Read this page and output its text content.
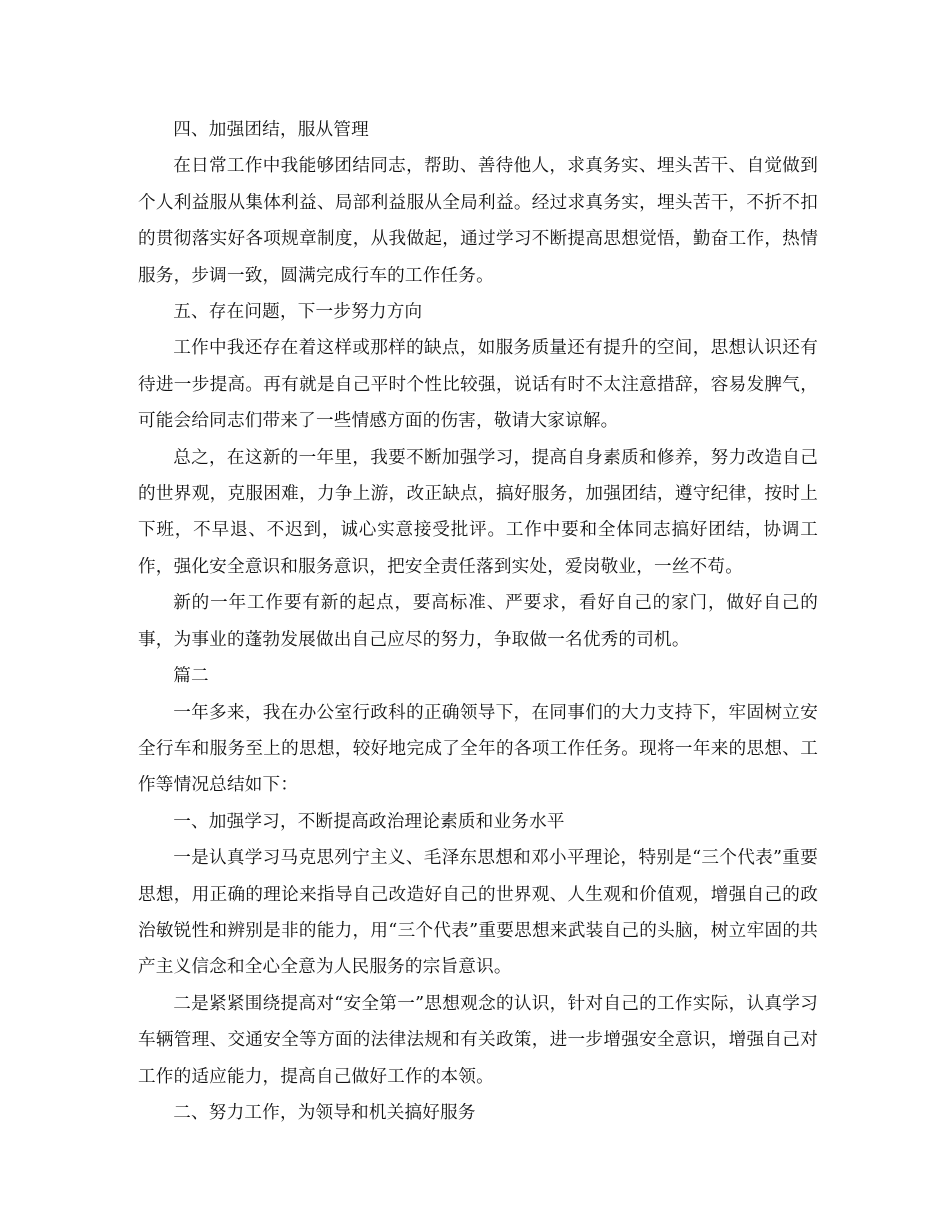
四、加强团结，服从管理

在日常工作中我能够团结同志，帮助、善待他人，求真务实、埋头苦干、自觉做到个人利益服从集体利益、局部利益服从全局利益。经过求真务实，埋头苦干，不折不扣的贯彻落实好各项规章制度，从我做起，通过学习不断提高思想觉悟，勤奋工作，热情服务，步调一致，圆满完成行车的工作任务。

五、存在问题，下一步努力方向

工作中我还存在着这样或那样的缺点，如服务质量还有提升的空间，思想认识还有待进一步提高。再有就是自己平时个性比较强，说话有时不太注意措辞，容易发脾气，可能会给同志们带来了一些情感方面的伤害，敬请大家谅解。

总之，在这新的一年里，我要不断加强学习，提高自身素质和修养，努力改造自己的世界观，克服困难，力争上游，改正缺点，搞好服务，加强团结，遵守纪律，按时上下班，不早退、不迟到，诚心实意接受批评。工作中要和全体同志搞好团结，协调工作，强化安全意识和服务意识，把安全责任落到实处，爱岗敬业，一丝不苟。

新的一年工作要有新的起点，要高标准、严要求，看好自己的家门，做好自己的事，为事业的蓬勃发展做出自己应尽的努力，争取做一名优秀的司机。

篇二

一年多来，我在办公室行政科的正确领导下，在同事们的大力支持下，牢固树立安全行车和服务至上的思想，较好地完成了全年的各项工作任务。现将一年来的思想、工作等情况总结如下：

一、加强学习，不断提高政治理论素质和业务水平

一是认真学习马克思列宁主义、毛泽东思想和邓小平理论，特别是“三个代表”重要思想，用正确的理论来指导自己改造好自己的世界观、人生观和价值观，增强自己的政治敏锐性和辨别是非的能力，用“三个代表”重要思想来武装自己的头脑，树立牢固的共产主义信念和全心全意为人民服务的宗旨意识。

二是紧紧围绕提高对“安全第一”思想观念的认识，针对自己的工作实际，认真学习车辆管理、交通安全等方面的法律法规和有关政策，进一步增强安全意识，增强自己对工作的适应能力，提高自己做好工作的本领。

二、努力工作，为领导和机关搞好服务
